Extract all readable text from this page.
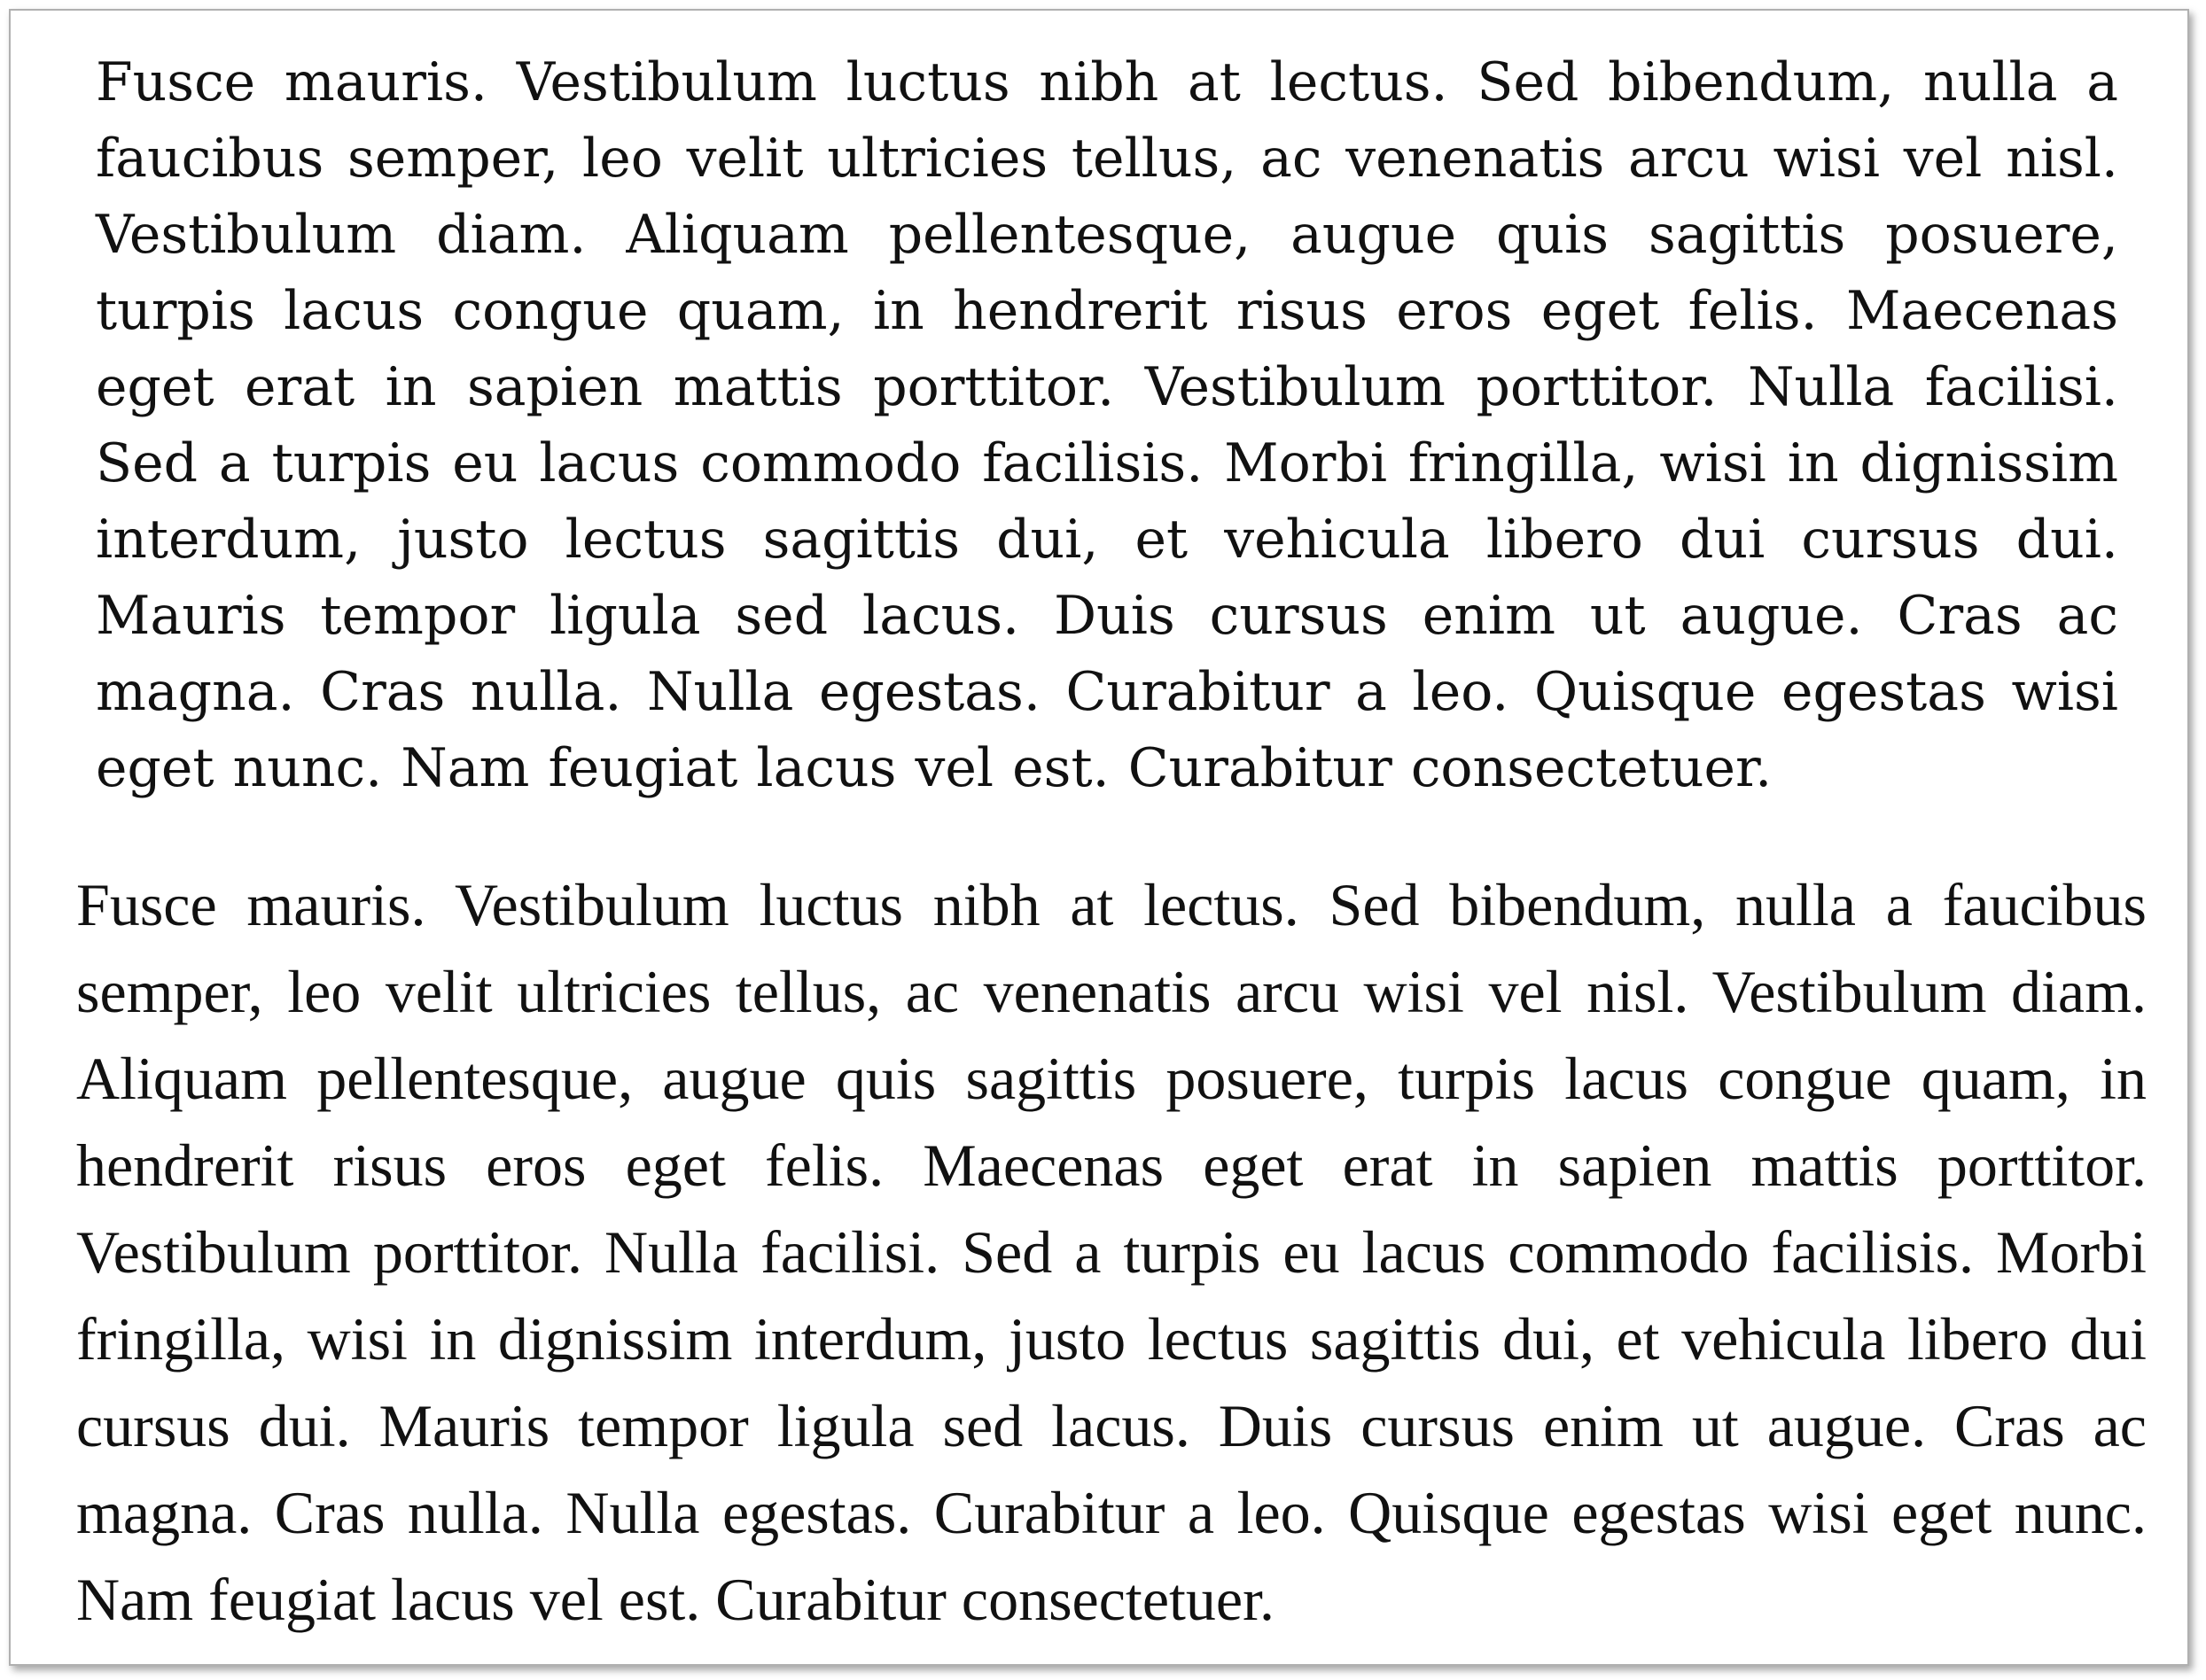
Fusce mauris. Vestibulum luctus nibh at lectus. Sed bibendum, nulla a faucibus semper, leo velit ultricies tellus, ac venenatis arcu wisi vel nisl. Vestibulum diam. Aliquam pellentesque, augue quis sagittis posuere, turpis lacus congue quam, in hendrerit risus eros eget felis. Maecenas eget erat in sapien mattis porttitor. Vestibulum porttitor. Nulla facilisi. Sed a turpis eu lacus commodo facilisis. Morbi fringilla, wisi in dignissim interdum, justo lectus sagittis dui, et vehicula libero dui cursus dui. Mauris tempor ligula sed lacus. Duis cursus enim ut augue. Cras ac magna. Cras nulla. Nulla egestas. Curabitur a leo. Quisque egestas wisi eget nunc. Nam feugiat lacus vel est. Curabitur consectetuer.

Fusce mauris. Vestibulum luctus nibh at lectus. Sed bibendum, nulla a faucibus semper, leo velit ultricies tellus, ac venenatis arcu wisi vel nisl. Vestibulum diam. Aliquam pellentesque, augue quis sagittis posuere, turpis lacus congue quam, in hendrerit risus eros eget felis. Maecenas eget erat in sapien mattis porttitor. Vestibulum porttitor. Nulla facilisi. Sed a turpis eu lacus commodo facilisis. Morbi fringilla, wisi in dignissim interdum, justo lectus sagittis dui, et vehicula libero dui cursus dui. Mauris tempor ligula sed lacus. Duis cursus enim ut augue. Cras ac magna. Cras nulla. Nulla egestas. Curabitur a leo. Quisque egestas wisi eget nunc. Nam feugiat lacus vel est. Curabitur consectetuer.
